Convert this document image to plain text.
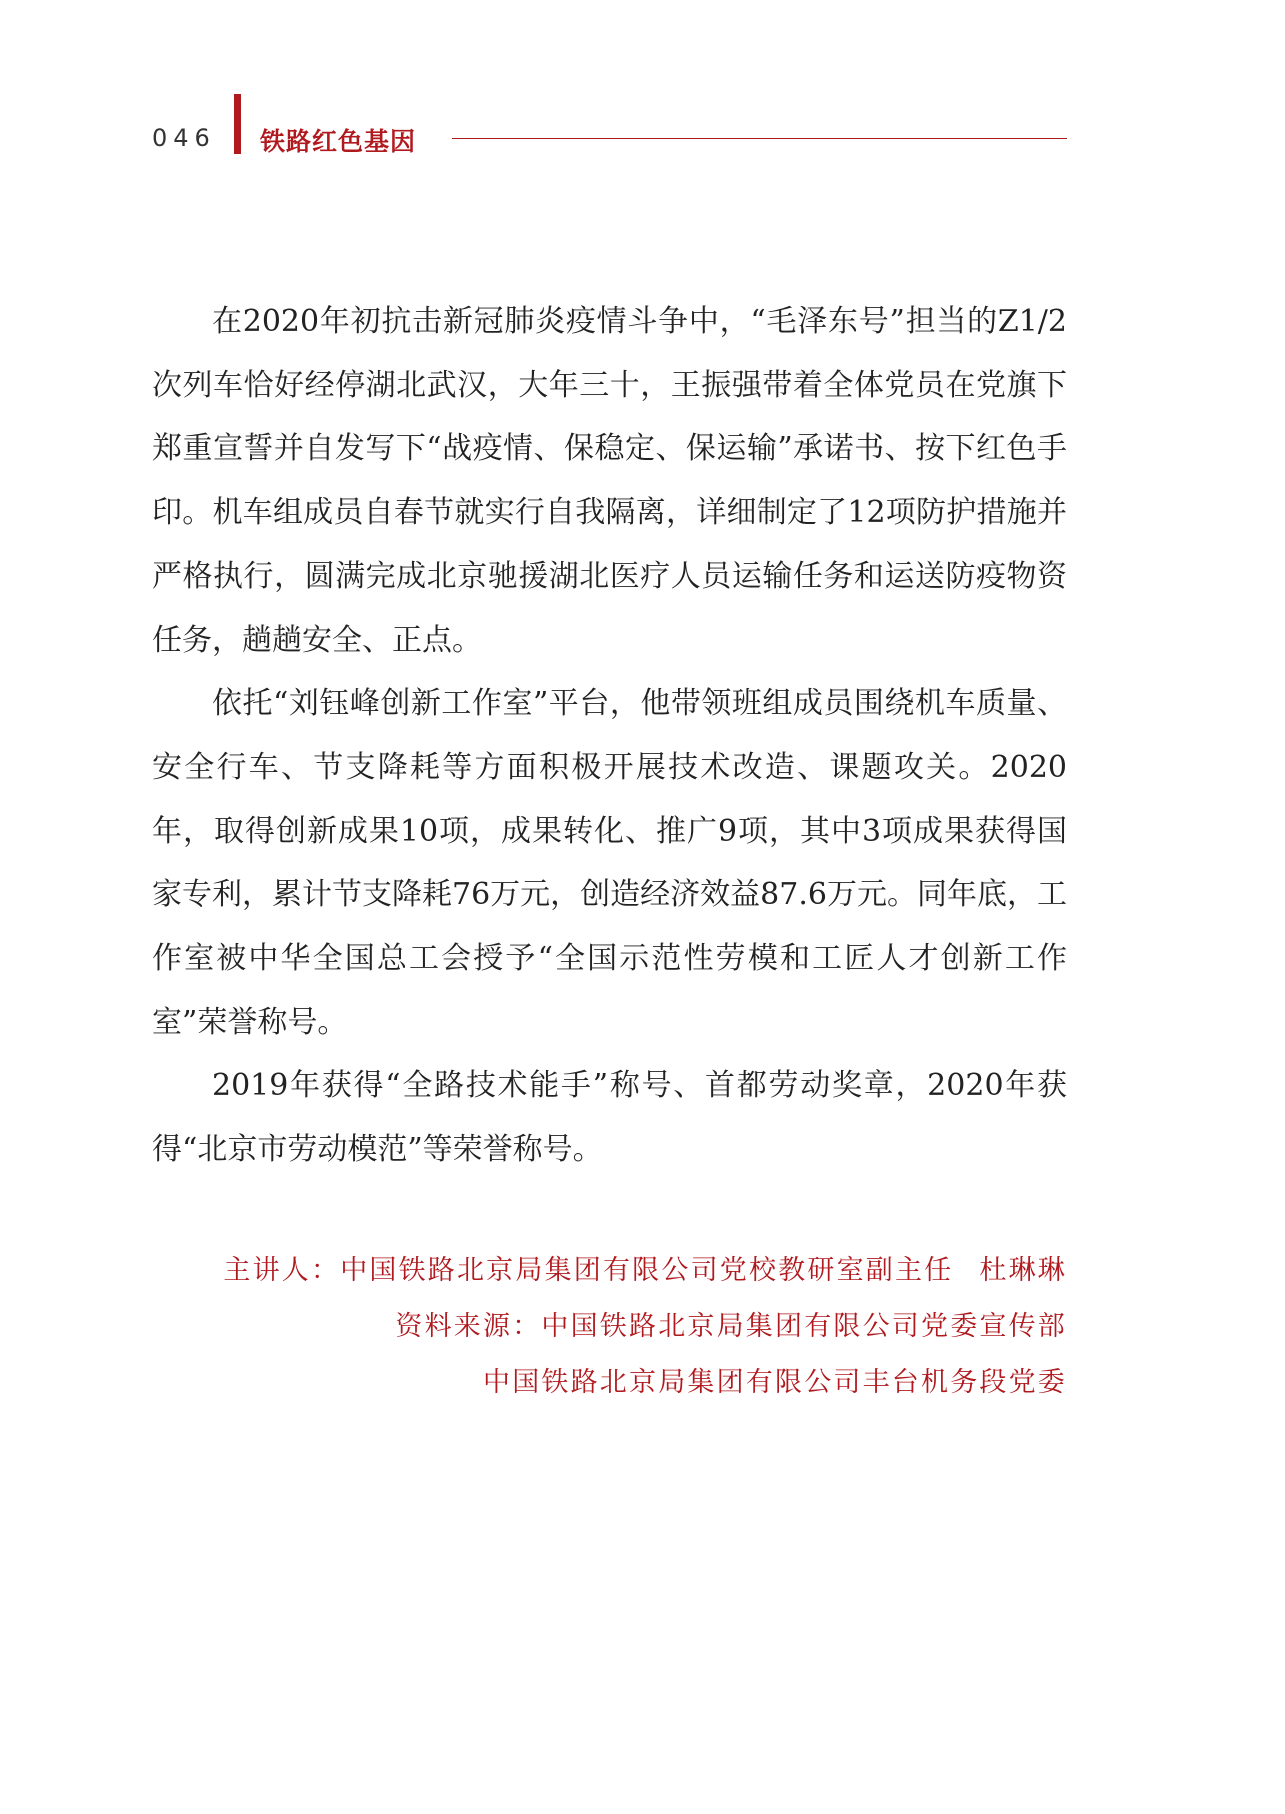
046 铁路红色基因

在2020年初抗击新冠肺炎疫情斗争中，“毛泽东号”担当的Z1/2次列车恰好经停湖北武汉，大年三十，王振强带着全体党员在党旗下郑重宣誓并自发写下“战疫情、保稳定、保运输”承诺书、按下红色手印。机车组成员自春节就实行自我隔离，详细制定了12项防护措施并严格执行，圆满完成北京驰援湖北医疗人员运输任务和运送防疫物资任务，趟趟安全、正点。

依托“刘钰峰创新工作室”平台，他带领班组成员围绕机车质量、安全行车、节支降耗等方面积极开展技术改造、课题攻关。2020年，取得创新成果10项，成果转化、推广9项，其中3项成果获得国家专利，累计节支降耗76万元，创造经济效益87.6万元。同年底，工作室被中华全国总工会授予“全国示范性劳模和工匠人才创新工作室”荣誉称号。

2019年获得“全路技术能手”称号、首都劳动奖章，2020年获得“北京市劳动模范”等荣誉称号。

主讲人：中国铁路北京局集团有限公司党校教研室副主任 杜琳琳
资料来源：中国铁路北京局集团有限公司党委宣传部
中国铁路北京局集团有限公司丰台机务段党委
